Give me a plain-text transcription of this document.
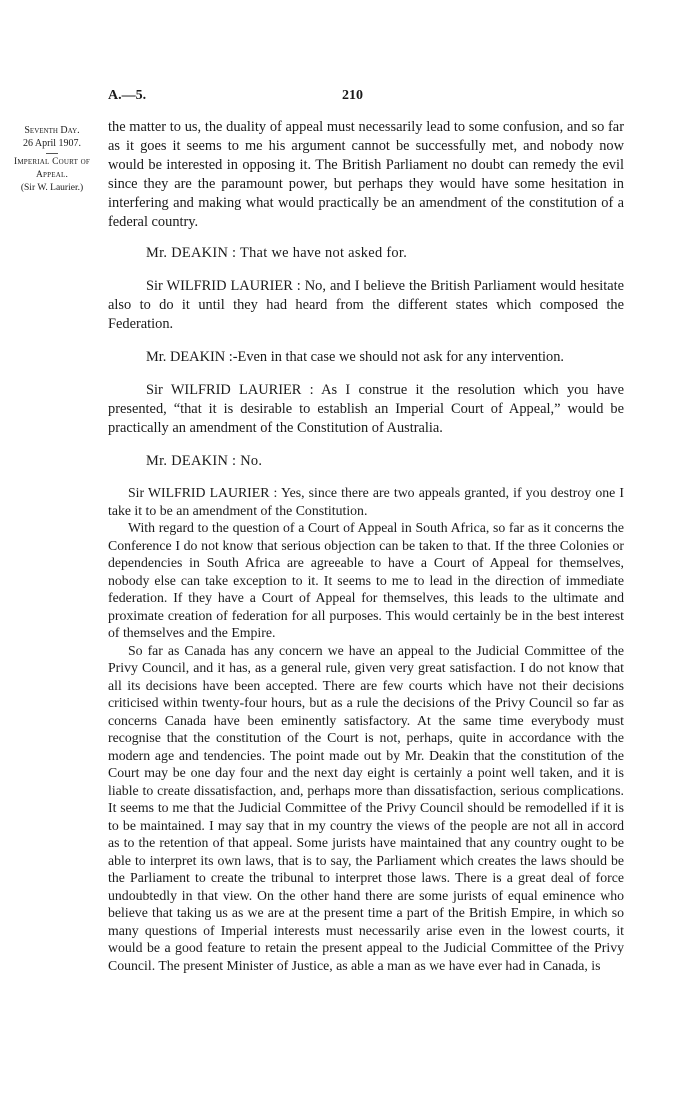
A.—5.	210
Seventh Day.
26 April 1907.
Imperial Court of Appeal.
(Sir W. Laurier.)

the matter to us, the duality of appeal must necessarily lead to some confusion, and so far as it goes it seems to me his argument cannot be successfully met, and nobody now would be interested in opposing it. The British Parliament no doubt can remedy the evil since they are the paramount power, but perhaps they would have some hesitation in interfering and making what would practically be an amendment of the constitution of a federal country.

Mr. DEAKIN : That we have not asked for.

Sir WILFRID LAURIER : No, and I believe the British Parliament would hesitate also to do it until they had heard from the different states which composed the Federation.

Mr. DEAKIN :-Even in that case we should not ask for any intervention.

Sir WILFRID LAURIER : As I construe it the resolution which you have presented, “that it is desirable to establish an Imperial Court of Appeal,” would be practically an amendment of the Constitution of Australia.

Mr. DEAKIN : No.

Sir WILFRID LAURIER : Yes, since there are two appeals granted, if you destroy one I take it to be an amendment of the Constitution.

With regard to the question of a Court of Appeal in South Africa, so far as it concerns the Conference I do not know that serious objection can be taken to that. If the three Colonies or dependencies in South Africa are agreeable to have a Court of Appeal for themselves, nobody else can take exception to it. It seems to me to lead in the direction of immediate federation. If they have a Court of Appeal for themselves, this leads to the ultimate and proximate creation of federation for all purposes. This would certainly be in the best interest of themselves and the Empire.

So far as Canada has any concern we have an appeal to the Judicial Committee of the Privy Council, and it has, as a general rule, given very great satisfaction. I do not know that all its decisions have been accepted. There are few courts which have not their decisions criticised within twenty-four hours, but as a rule the decisions of the Privy Council so far as concerns Canada have been eminently satisfactory. At the same time everybody must recognise that the constitution of the Court is not, perhaps, quite in accordance with the modern age and tendencies. The point made out by Mr. Deakin that the constitution of the Court may be one day four and the next day eight is certainly a point well taken, and it is liable to create dissatisfaction, and, perhaps more than dissatisfaction, serious complications. It seems to me that the Judicial Committee of the Privy Council should be remodelled if it is to be maintained. I may say that in my country the views of the people are not all in accord as to the retention of that appeal. Some jurists have maintained that any country ought to be able to interpret its own laws, that is to say, the Parliament which creates the laws should be the Parliament to create the tribunal to interpret those laws. There is a great deal of force undoubtedly in that view. On the other hand there are some jurists of equal eminence who believe that taking us as we are at the present time a part of the British Empire, in which so many questions of Imperial interests must necessarily arise even in the lowest courts, it would be a good feature to retain the present appeal to the Judicial Committee of the Privy Council. The present Minister of Justice, as able a man as we have ever had in Canada, is
